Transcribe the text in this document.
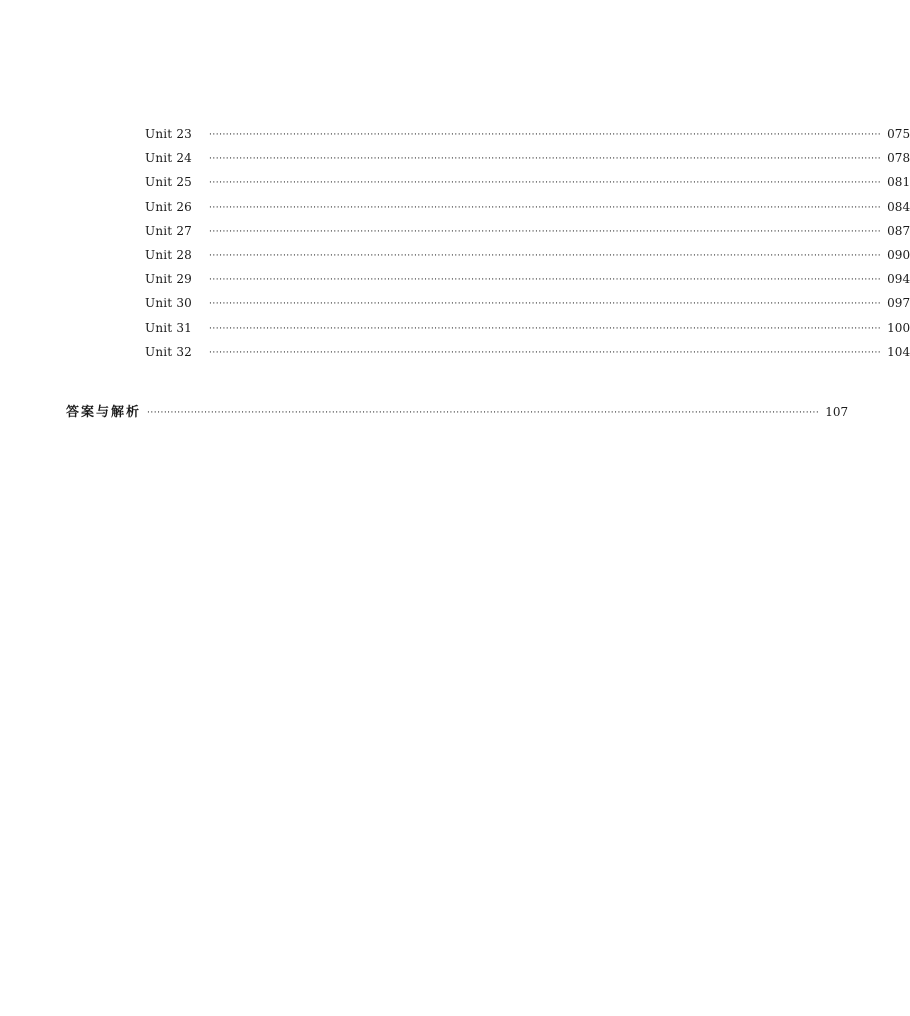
Unit 23	········································································································································································································ 075
Unit 24	········································································································································································································ 078
Unit 25	········································································································································································································ 081
Unit 26	········································································································································································································ 084
Unit 27	········································································································································································································ 087
Unit 28	········································································································································································································ 090
Unit 29	········································································································································································································ 094
Unit 30	········································································································································································································ 097
Unit 31	········································································································································································································ 100
Unit 32	········································································································································································································ 104
答案与解析 ········································································································································································································ 107
